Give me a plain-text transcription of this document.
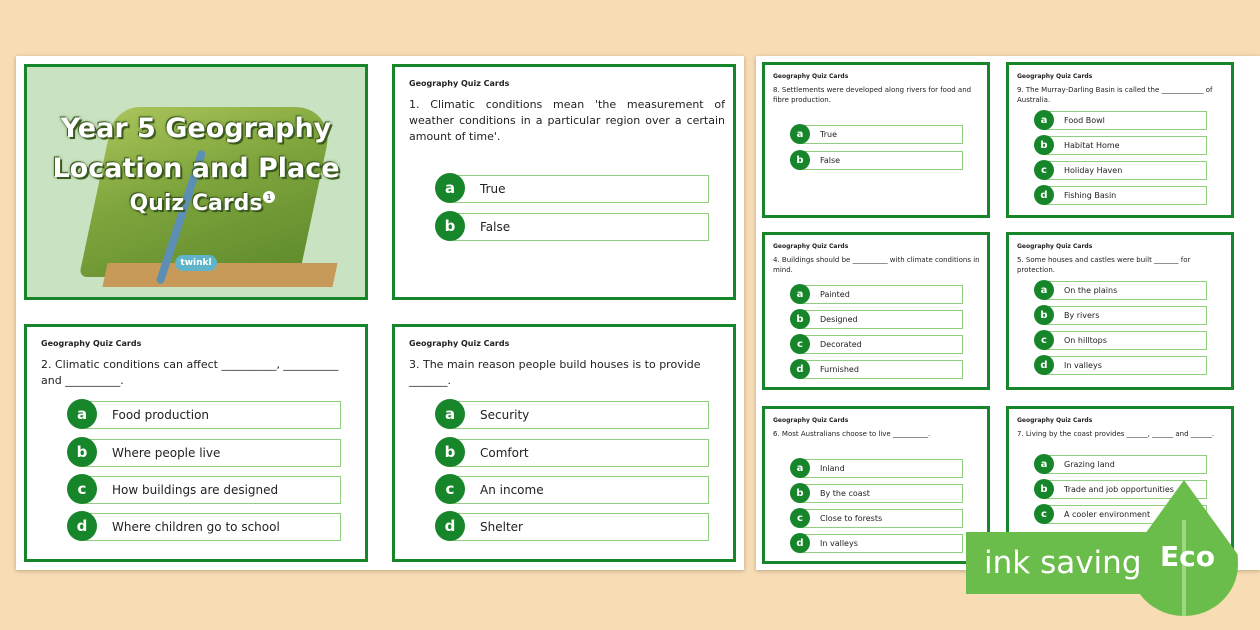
Year 5 Geography
Location and Place
Quiz Cards 1
twinkl
Geography Quiz Cards
1. Climatic conditions mean 'the measurement of weather conditions in a particular region over a certain amount of time'.
a	True
b	False
Geography Quiz Cards
2. Climatic conditions can affect __________, __________ and __________.
a	Food production
b	Where people live
c	How buildings are designed
d	Where children go to school
Geography Quiz Cards
3. The main reason people build houses is to provide _______.
a	Security
b	Comfort
c	An income
d	Shelter
Geography Quiz Cards
8. Settlements were developed along rivers for food and fibre production.
a	True
b	False
Geography Quiz Cards
9. The Murray-Darling Basin is called the ____________ of Australia.
a	Food Bowl
b	Habitat Home
c	Holiday Haven
d	Fishing Basin
Geography Quiz Cards
4. Buildings should be __________ with climate conditions in mind.
a	Painted
b	Designed
c	Decorated
d	Furnished
Geography Quiz Cards
5. Some houses and castles were built _______ for protection.
a	On the plains
b	By rivers
c	On hilltops
d	In valleys
Geography Quiz Cards
6. Most Australians choose to live __________.
a	Inland
b	By the coast
c	Close to forests
d	In valleys
Geography Quiz Cards
7. Living by the coast provides ______, ______ and ______.
a	Grazing land
b	Trade and job opportunities
c	A cooler environment
ink saving Eco
